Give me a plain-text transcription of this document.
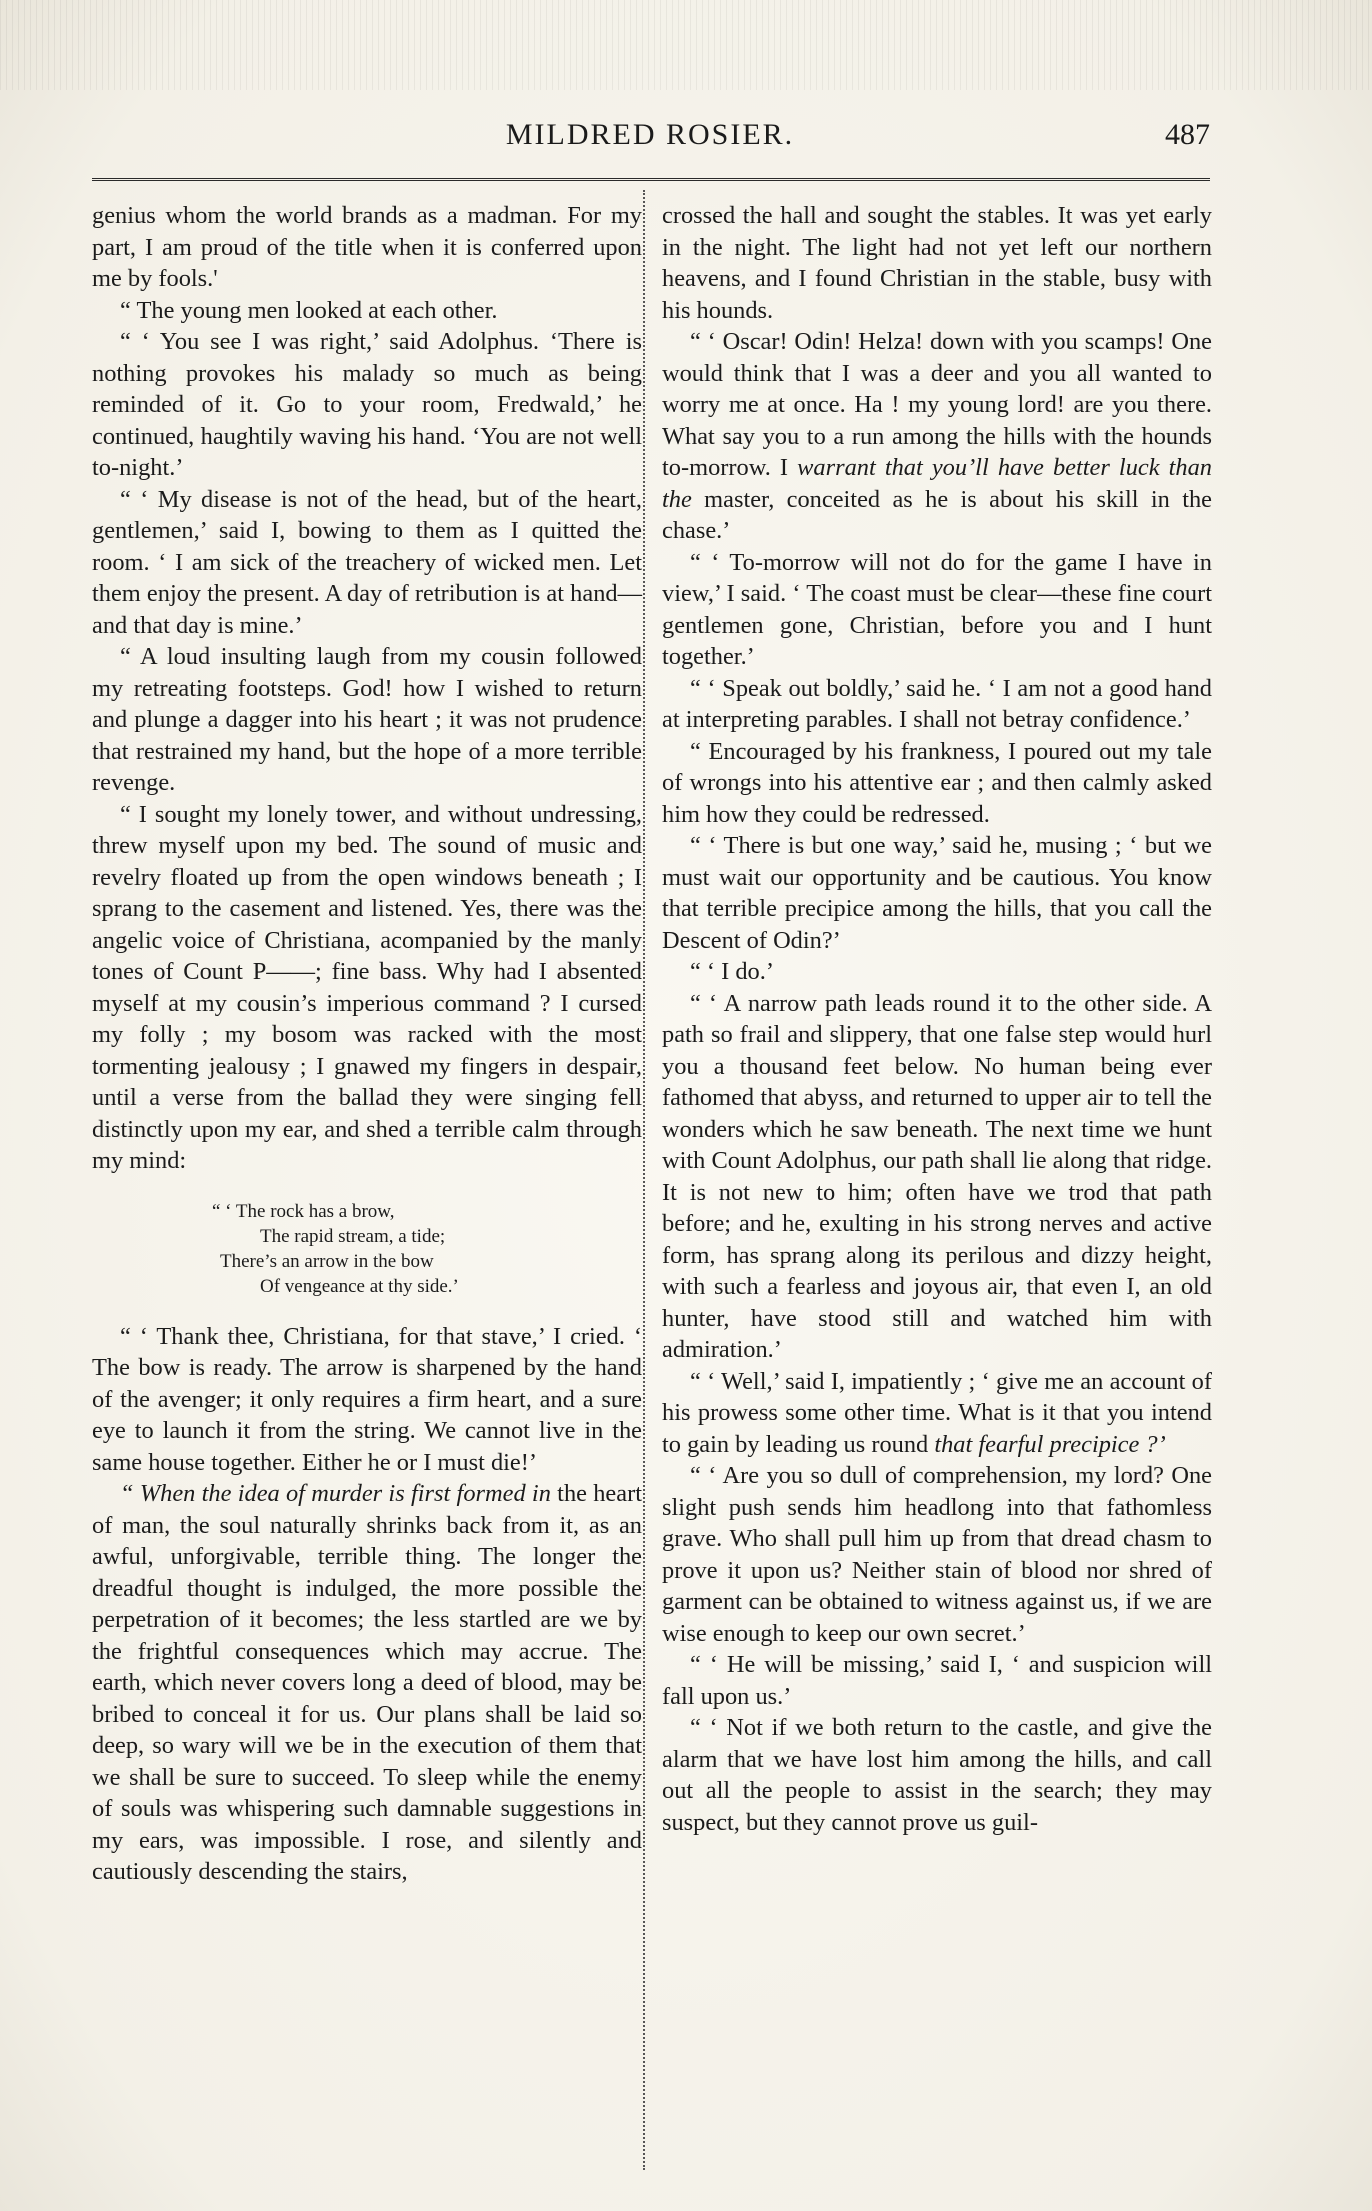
MILDRED ROSIER.	487

genius whom the world brands as a madman. For my part, I am proud of the title when it is conferred upon me by fools.'

“ The young men looked at each other.

“ ‘ You see I was right,’ said Adolphus. ‘There is nothing provokes his malady so much as being reminded of it. Go to your room, Fredwald,’ he continued, haughtily waving his hand. ‘You are not well to-night.’

“ ‘ My disease is not of the head, but of the heart, gentlemen,’ said I, bowing to them as I quitted the room. ‘ I am sick of the treachery of wicked men. Let them enjoy the present. A day of retribution is at hand—and that day is mine.’

“ A loud insulting laugh from my cousin followed my retreating footsteps. God! how I wished to return and plunge a dagger into his heart ; it was not prudence that restrained my hand, but the hope of a more terrible revenge.

“ I sought my lonely tower, and without undressing, threw myself upon my bed. The sound of music and revelry floated up from the open windows beneath ; I sprang to the casement and listened. Yes, there was the angelic voice of Christiana, acompanied by the manly tones of Count P——; fine bass. Why had I absented myself at my cousin’s imperious command ? I cursed my folly ; my bosom was racked with the most tormenting jealousy ; I gnawed my fingers in despair, until a verse from the ballad they were singing fell distinctly upon my ear, and shed a terrible calm through my mind:

“ ‘ The rock has a brow,
The rapid stream, a tide;
There’s an arrow in the bow
Of vengeance at thy side.’

“ ‘ Thank thee, Christiana, for that stave,’ I cried. ‘ The bow is ready. The arrow is sharpened by the hand of the avenger; it only requires a firm heart, and a sure eye to launch it from the string. We cannot live in the same house together. Either he or I must die!’

“ When the idea of murder is first formed in the heart of man, the soul naturally shrinks back from it, as an awful, unforgivable, terrible thing. The longer the dreadful thought is indulged, the more possible the perpetration of it becomes; the less startled are we by the frightful consequences which may accrue. The earth, which never covers long a deed of blood, may be bribed to conceal it for us. Our plans shall be laid so deep, so wary will we be in the execution of them that we shall be sure to succeed. To sleep while the enemy of souls was whispering such damnable suggestions in my ears, was impossible. I rose, and silently and cautiously descending the stairs,

crossed the hall and sought the stables. It was yet early in the night. The light had not yet left our northern heavens, and I found Christian in the stable, busy with his hounds.

“ ‘ Oscar! Odin! Helza! down with you scamps! One would think that I was a deer and you all wanted to worry me at once. Ha ! my young lord! are you there. What say you to a run among the hills with the hounds to-morrow. I warrant that you’ll have better luck than the master, conceited as he is about his skill in the chase.’

“ ‘ To-morrow will not do for the game I have in view,’ I said. ‘ The coast must be clear—these fine court gentlemen gone, Christian, before you and I hunt together.’

“ ‘ Speak out boldly,’ said he. ‘ I am not a good hand at interpreting parables. I shall not betray confidence.’

“ Encouraged by his frankness, I poured out my tale of wrongs into his attentive ear ; and then calmly asked him how they could be redressed.

“ ‘ There is but one way,’ said he, musing ; ‘ but we must wait our opportunity and be cautious. You know that terrible precipice among the hills, that you call the Descent of Odin?’

“ ‘ I do.’

“ ‘ A narrow path leads round it to the other side. A path so frail and slippery, that one false step would hurl you a thousand feet below. No human being ever fathomed that abyss, and returned to upper air to tell the wonders which he saw beneath. The next time we hunt with Count Adolphus, our path shall lie along that ridge. It is not new to him; often have we trod that path before; and he, exulting in his strong nerves and active form, has sprang along its perilous and dizzy height, with such a fearless and joyous air, that even I, an old hunter, have stood still and watched him with admiration.’

“ ‘ Well,’ said I, impatiently ; ‘ give me an account of his prowess some other time. What is it that you intend to gain by leading us round that fearful precipice ?’

“ ‘ Are you so dull of comprehension, my lord? One slight push sends him headlong into that fathomless grave. Who shall pull him up from that dread chasm to prove it upon us? Neither stain of blood nor shred of garment can be obtained to witness against us, if we are wise enough to keep our own secret.’

“ ‘ He will be missing,’ said I, ‘ and suspicion will fall upon us.’

“ ‘ Not if we both return to the castle, and give the alarm that we have lost him among the hills, and call out all the people to assist in the search; they may suspect, but they cannot prove us guil-
